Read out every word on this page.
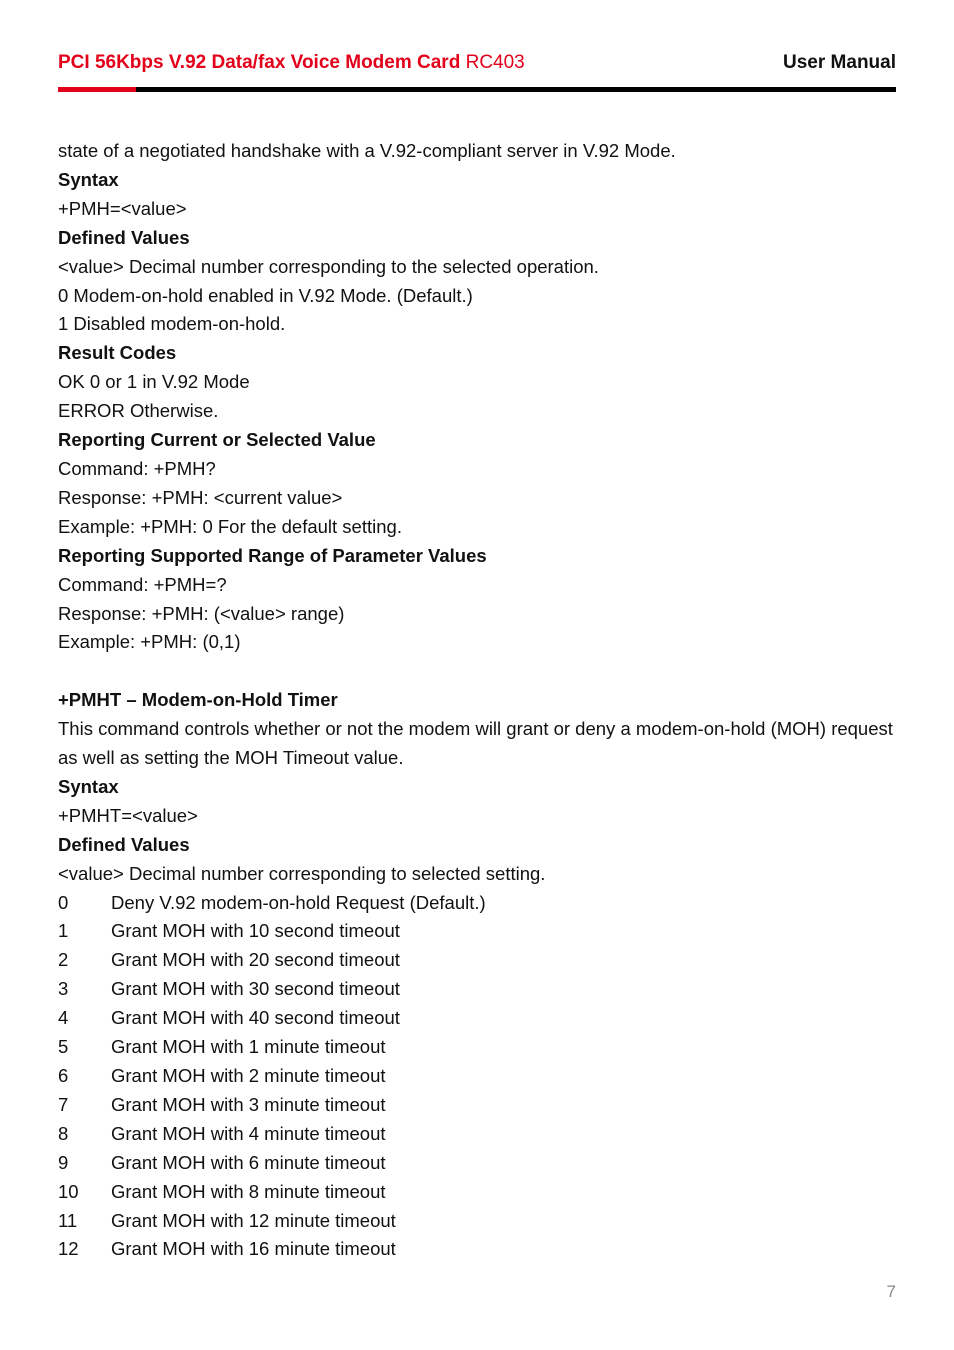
PCI 56Kbps V.92 Data/fax Voice Modem Card RC403	User Manual

state of a negotiated handshake with a V.92-compliant server in V.92 Mode.

Syntax

+PMH=<value>

Defined Values

<value> Decimal number corresponding to the selected operation.

0 Modem-on-hold enabled in V.92 Mode. (Default.)

1 Disabled modem-on-hold.

Result Codes

OK 0 or 1 in V.92 Mode

ERROR Otherwise.

Reporting Current or Selected Value

Command: +PMH?

Response: +PMH: <current value>

Example: +PMH: 0 For the default setting.

Reporting Supported Range of Parameter Values

Command: +PMH=?

Response: +PMH: (<value> range)

Example: +PMH: (0,1)

+PMHT – Modem-on-Hold Timer

This command controls whether or not the modem will grant or deny a modem-on-hold (MOH) request as well as setting the MOH Timeout value.

Syntax

+PMHT=<value>

Defined Values

<value> Decimal number corresponding to selected setting.

0	Deny V.92 modem-on-hold Request (Default.)
1	Grant MOH with 10 second timeout
2	Grant MOH with 20 second timeout
3	Grant MOH with 30 second timeout
4	Grant MOH with 40 second timeout
5	Grant MOH with 1 minute timeout
6	Grant MOH with 2 minute timeout
7	Grant MOH with 3 minute timeout
8	Grant MOH with 4 minute timeout
9	Grant MOH with 6 minute timeout
10	Grant MOH with 8 minute timeout
11	Grant MOH with 12 minute timeout
12	Grant MOH with 16 minute timeout
7
